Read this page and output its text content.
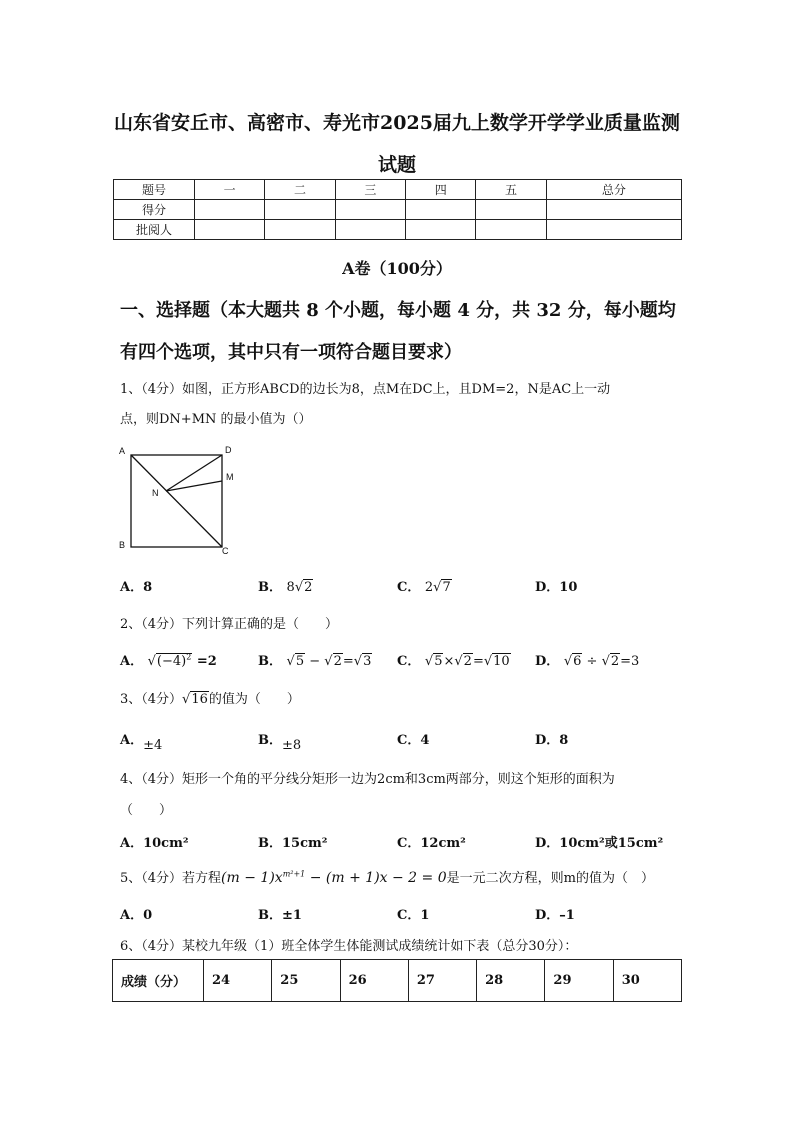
山东省安丘市、高密市、寿光市2025届九上数学开学学业质量监测
试题
题号	一	二	三	四	五	总分
得分						
批阅人						
A卷（100分）
一、选择题（本大题共 8 个小题，每小题 4 分，共 32 分，每小题均
有四个选项，其中只有一项符合题目要求）
1、（4分）如图，正方形ABCD的边长为8，点M在DC上，且DM=2，N是AC上一动
点，则DN+MN 的最小值为（）
A	D
M
N
B
C
A．8	B． 8√2	C． 2√7	D．10
2、（4分）下列计算正确的是（　　）
A． $√(-4)^2 =2$	B． √5 − √2=√3 C． √5×√2=√10 D． √6 ÷ √2=3
3、（4分）√16的值为（　　）
A．±4	B．±8	C．4	D．8
4、（4分）矩形一个角的平分线分矩形一边为2cm和3cm两部分，则这个矩形的面积为
（　　）
A．10cm²	B．15cm²	C．12cm²	D．10cm²或15cm²
5、（4分）若方程$(m - 1)x^{m^2+1} - (m + 1)x - 2 = 0$是一元二次方程，则m的值为（　）
A．0	B．±1	C．1	D．–1
6、（4分）某校九年级（1）班全体学生体能测试成绩统计如下表（总分30分）：
成绩（分）	24	25	26	27	28	29	30
